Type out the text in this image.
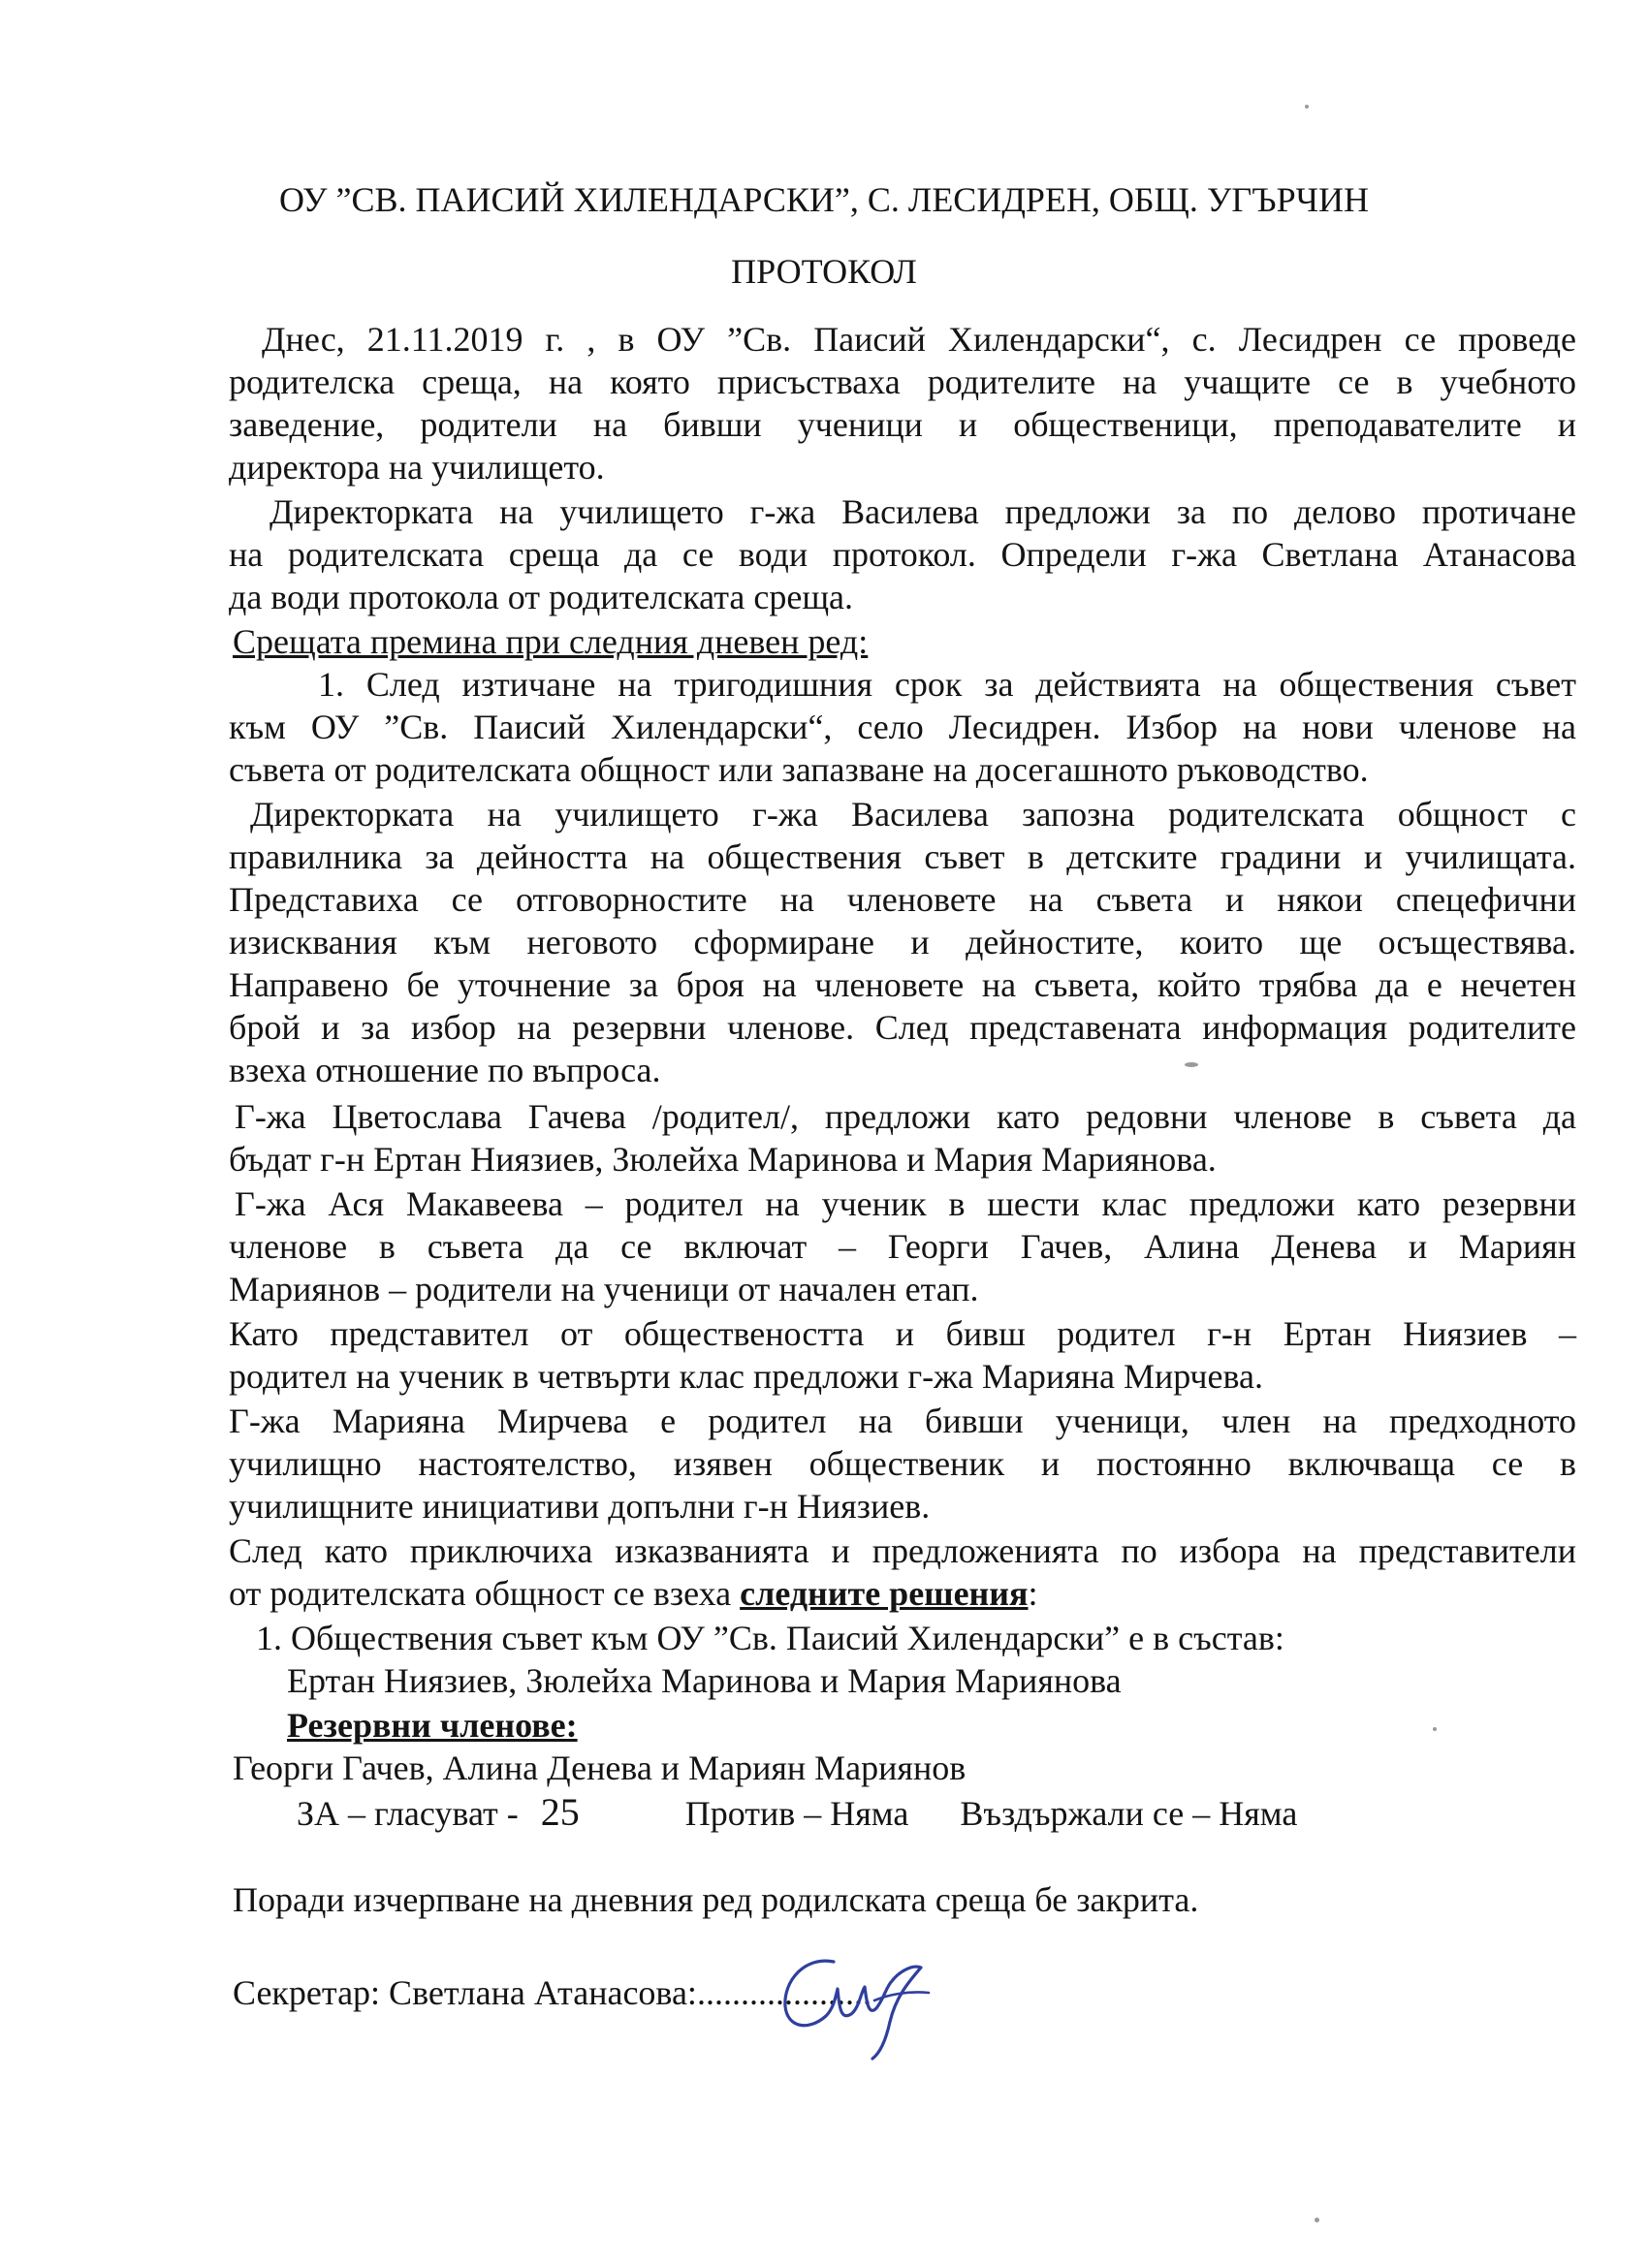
ОУ ”СВ. ПАИСИЙ ХИЛЕНДАРСКИ”, С. ЛЕСИДРЕН, ОБЩ. УГЪРЧИН
ПРОТОКОЛ
Днес, 21.11.2019 г. , в ОУ ”Св. Паисий Хилендарски“, с. Лесидрен се проведе
родителска среща, на която присъстваха родителите на учащите се в учебното
заведение, родители на бивши ученици и общественици, преподавателите и
директора на училището.
Директорката на училището г-жа Василева предложи за по делово протичане
на родителската среща да се води протокол. Определи г-жа Светлана Атанасова
да води протокола от родителската среща.
Срещата премина при следния дневен ред:
1. След изтичане на тригодишния срок за действията на обществения съвет
към ОУ ”Св. Паисий Хилендарски“, село Лесидрен. Избор на нови членове на
съвета от родителската общност или запазване на досегашното ръководство.
Директорката на училището г-жа Василева запозна родителската общност с
правилника за дейността на обществения съвет в детските градини и училищата.
Представиха се отговорностите на членовете на съвета и някои спецефични
изисквания към неговото сформиране и дейностите, които ще осъществява.
Направено бе уточнение за броя на членовете на съвета, който трябва да е нечетен
брой и за избор на резервни членове. След представената информация родителите
взеха отношение по въпроса.
Г-жа Цветослава Гачева /родител/, предложи като редовни членове в съвета да
бъдат г-н Ертан Ниязиев, Зюлейха Маринова и Мария Мариянова.
Г-жа Ася Макавеева – родител на ученик в шести клас предложи като резервни
членове в съвета да се включат – Георги Гачев, Алина Денева и Мариян
Мариянов – родители на ученици от начален етап.
Като представител от обществеността и бивш родител г-н Ертан Ниязиев –
родител на ученик в четвърти клас предложи г-жа Марияна Мирчева.
Г-жа Марияна Мирчева е родител на бивши ученици, член на предходното
училищно настоятелство, изявен общественик и постоянно включваща се в
училищните инициативи допълни г-н Ниязиев.
След като приключиха изказванията и предложенията по избора на представители
от родителската общност се взеха следните решения:
1. Обществения съвет към ОУ ”Св. Паисий Хилендарски” е в състав:
Ертан Ниязиев, Зюлейха Маринова и Мария Мариянова
Резервни членове:
Георги Гачев, Алина Денева и Мариян Мариянов
ЗА – гласуват - 25	Против – Няма Въздържали се – Няма
Поради изчерпване на дневния ред родилската среща бе закрита.
Секретар: Светлана Атанасова:....................
